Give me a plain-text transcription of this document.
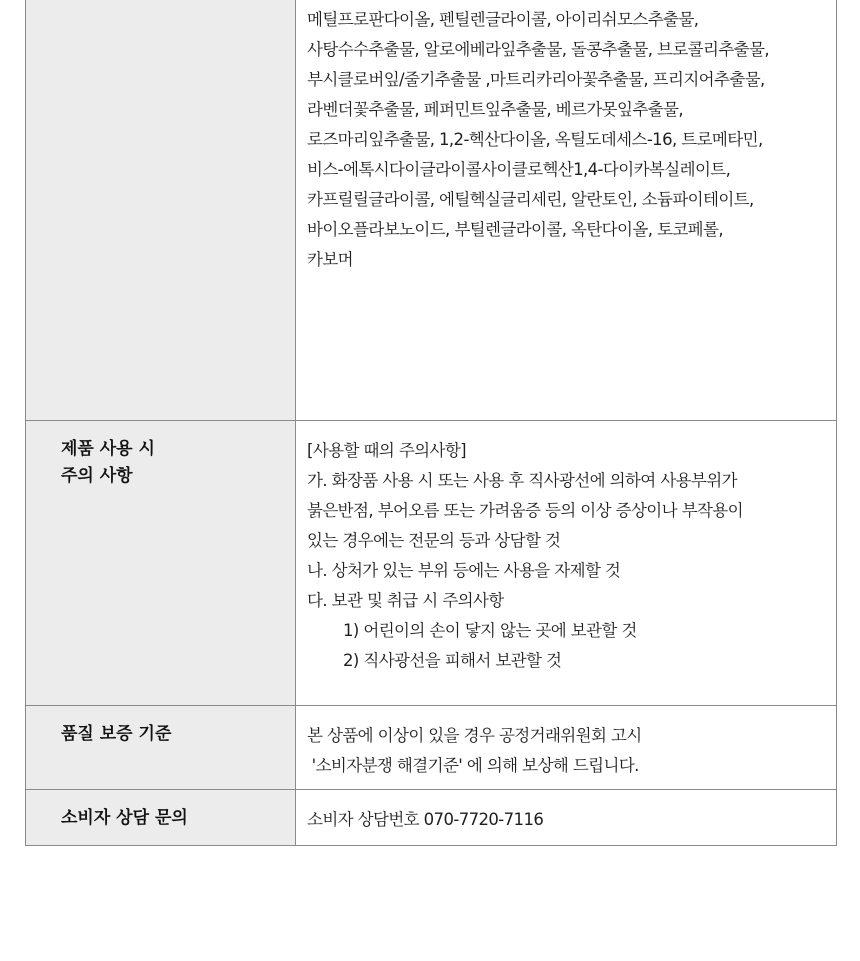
메틸프로판다이올, 펜틸렌글라이콜, 아이리쉬모스추출물,
사탕수수추출물, 알로에베라잎추출물, 돌콩추출물, 브로콜리추출물,
부시클로버잎/줄기추출물 ,마트리카리아꽃추출물, 프리지어추출물,
라벤더꽃추출물, 페퍼민트잎추출물, 베르가못잎추출물,
로즈마리잎추출물, 1,2-헥산다이올, 옥틸도데세스-16, 트로메타민,
비스-에톡시다이글라이콜사이클로헥산1,4-다이카복실레이트,
카프릴릴글라이콜, 에틸헥실글리세린, 알란토인, 소듐파이테이트,
바이오플라보노이드, 부틸렌글라이콜, 옥탄다이올, 토코페롤,
카보머
제품 사용 시
주의 사항
[사용할 때의 주의사항]
가. 화장품 사용 시 또는 사용 후 직사광선에 의하여 사용부위가
붉은반점, 부어오름 또는 가려움증 등의 이상 증상이나 부작용이
있는 경우에는 전문의 등과 상담할 것
나. 상처가 있는 부위 등에는 사용을 자제할 것
다. 보관 및 취급 시 주의사항
1) 어린이의 손이 닿지 않는 곳에 보관할 것
2) 직사광선을 피해서 보관할 것
품질 보증 기준	본 상품에 이상이 있을 경우 공정거래위원회 고시
'소비자분쟁 해결기준' 에 의해 보상해 드립니다.
소비자 상담 문의	소비자 상담번호 070-7720-7116
